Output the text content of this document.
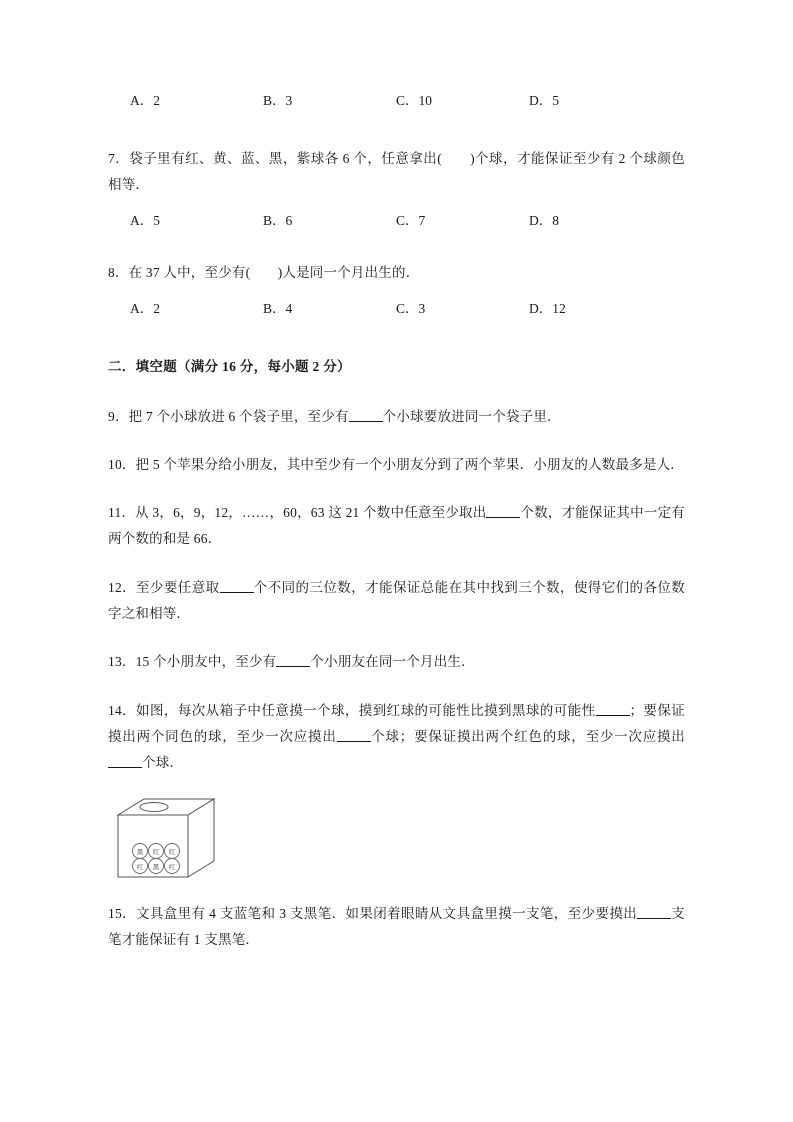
A．2	B．3	C．10	D．5
7．袋子里有红、黄、蓝、黑，紫球各 6 个，任意拿出(　　)个球，才能保证至少有 2 个球颜色相等．
A．5	B．6	C．7	D．8
8．在 37 人中，至少有(　　)人是同一个月出生的．
A．2	B．4	C．3	D．12
二．填空题（满分 16 分，每小题 2 分）
9．把 7 个小球放进 6 个袋子里，至少有	个小球要放进同一个袋子里．
10．把 5 个苹果分给小朋友，其中至少有一个小朋友分到了两个苹果．小朋友的人数最多是人．
11．从 3，6，9，12，……，60，63 这 21 个数中任意至少取出	个数，才能保证其中一定有两个数的和是 66．
12．至少要任意取	个不同的三位数，才能保证总能在其中找到三个数，使得它们的各位数字之和相等．
13．15 个小朋友中，至少有	个小朋友在同一个月出生．
14．如图，每次从箱子中任意摸一个球，摸到红球的可能性比摸到黑球的可能性	；要保证摸出两个同色的球，至少一次应摸出	个球；要保证摸出两个红色的球，至少一次应摸出个球．
黑 红 红
红 黑 红
15．文具盒里有 4 支蓝笔和 3 支黑笔．如果闭着眼睛从文具盒里摸一支笔，至少要摸出	支笔才能保证有 1 支黑笔．
